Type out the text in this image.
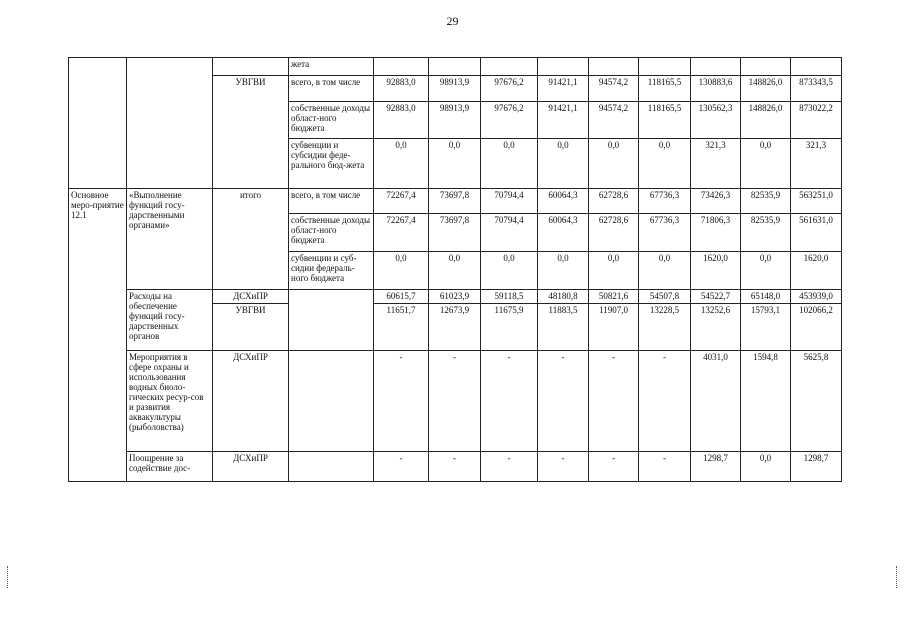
29
			жета									
		УВГВИ	всего, в том числе	92883,0	98913,9	97676,2	91421,1	94574,2	118165,5	130883,6	148826,0	873343,5
			собственные доходы област-ного бюджета	92883,0	98913,9	97676,2	91421,1	94574,2	118165,5	130562,3	148826,0	873022,2
			субвенции и субсидии феде-рального бюд-жета	0,0	0,0	0,0	0,0	0,0	0,0	321,3	0,0	321,3
Основное меро-приятие 12.1	«Выполнение функций госу-дарственными органами»	итого	всего, в том числе	72267,4	73697,8	70794,4	60064,3	62728,6	67736,3	73426,3	82535,9	563251,0
			собственные доходы област-ного бюджета	72267,4	73697,8	70794,4	60064,3	62728,6	67736,3	71806,3	82535,9	561631,0
			субвенции и суб-сидии федераль-ного бюджета	0,0	0,0	0,0	0,0	0,0	0,0	1620,0	0,0	1620,0
	Расходы на обеспечение функций госу-дарственных органов	ДСХиПР		60615,7	61023,9	59118,5	48180,8	50821,6	54507,8	54522,7	65148,0	453939,0
		УВГВИ		11651,7	12673,9	11675,9	11883,5	11907,0	13228,5	13252,6	15793,1	102066,2
	Мероприятия в сфере охраны и использования водных биоло-гических ресур-сов и развития аквакультуры (рыболовства)	ДСХиПР		-	-	-	-	-	-	4031,0	1594,8	5625,8
	Поощрение за содействие дос-	ДСХиПР		-	-	-	-	-	-	1298,7	0,0	1298,7
